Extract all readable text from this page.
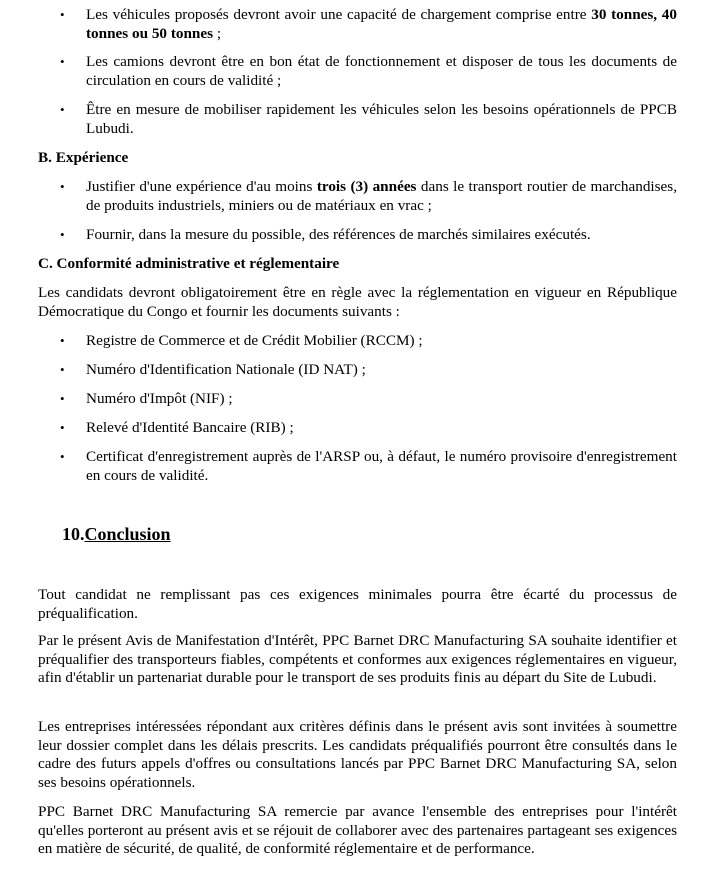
• Les véhicules proposés devront avoir une capacité de chargement comprise entre 30 tonnes, 40 tonnes ou 50 tonnes ;
• Les camions devront être en bon état de fonctionnement et disposer de tous les documents de circulation en cours de validité ;
• Être en mesure de mobiliser rapidement les véhicules selon les besoins opérationnels de PPCB Lubudi.
B. Expérience
• Justifier d'une expérience d'au moins trois (3) années dans le transport routier de marchandises, de produits industriels, miniers ou de matériaux en vrac ;
• Fournir, dans la mesure du possible, des références de marchés similaires exécutés.
C. Conformité administrative et réglementaire

Les candidats devront obligatoirement être en règle avec la réglementation en vigueur en République Démocratique du Congo et fournir les documents suivants :

• Registre de Commerce et de Crédit Mobilier (RCCM) ;
• Numéro d'Identification Nationale (ID NAT) ;
• Numéro d'Impôt (NIF) ;
• Relevé d'Identité Bancaire (RIB) ;
• Certificat d'enregistrement auprès de l'ARSP ou, à défaut, le numéro provisoire d'enregistrement en cours de validité.
10.Conclusion

Tout candidat ne remplissant pas ces exigences minimales pourra être écarté du processus de préqualification.

Par le présent Avis de Manifestation d'Intérêt, PPC Barnet DRC Manufacturing SA souhaite identifier et préqualifier des transporteurs fiables, compétents et conformes aux exigences réglementaires en vigueur, afin d'établir un partenariat durable pour le transport de ses produits finis au départ du Site de Lubudi.

Les entreprises intéressées répondant aux critères définis dans le présent avis sont invitées à soumettre leur dossier complet dans les délais prescrits. Les candidats préqualifiés pourront être consultés dans le cadre des futurs appels d'offres ou consultations lancés par PPC Barnet DRC Manufacturing SA, selon ses besoins opérationnels.

PPC Barnet DRC Manufacturing SA remercie par avance l'ensemble des entreprises pour l'intérêt qu'elles porteront au présent avis et se réjouit de collaborer avec des partenaires partageant ses exigences en matière de sécurité, de qualité, de conformité réglementaire et de performance.
